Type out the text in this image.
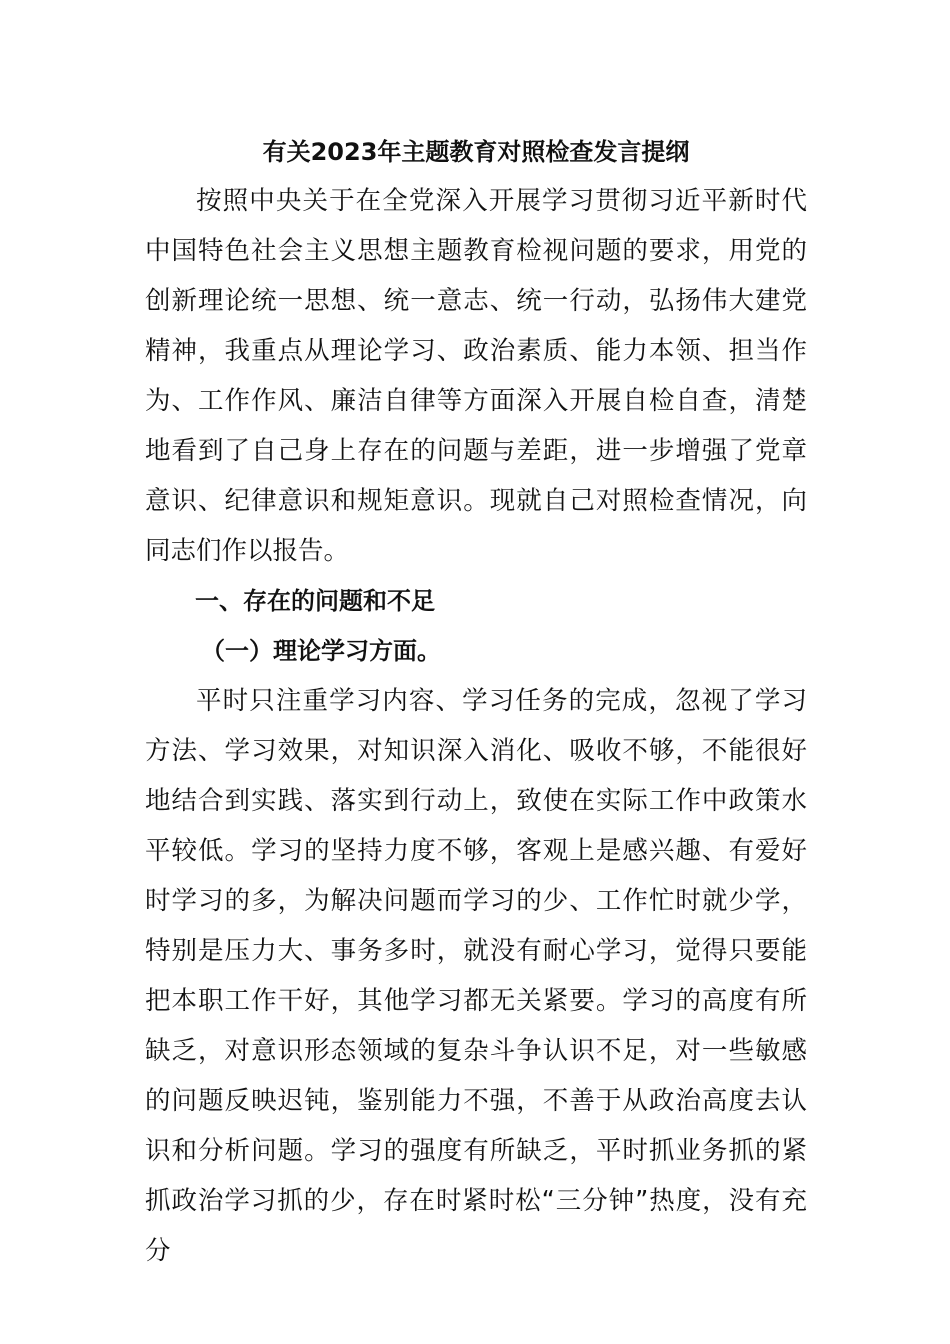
有关2023年主题教育对照检查发言提纲

按照中央关于在全党深入开展学习贯彻习近平新时代中国特色社会主义思想主题教育检视问题的要求，用党的创新理论统一思想、统一意志、统一行动，弘扬伟大建党精神，我重点从理论学习、政治素质、能力本领、担当作为、工作作风、廉洁自律等方面深入开展自检自查，清楚地看到了自己身上存在的问题与差距，进一步增强了党章意识、纪律意识和规矩意识。现就自己对照检查情况，向同志们作以报告。

一、存在的问题和不足

（一）理论学习方面。

平时只注重学习内容、学习任务的完成，忽视了学习方法、学习效果，对知识深入消化、吸收不够，不能很好地结合到实践、落实到行动上，致使在实际工作中政策水平较低。学习的坚持力度不够，客观上是感兴趣、有爱好时学习的多，为解决问题而学习的少、工作忙时就少学，特别是压力大、事务多时，就没有耐心学习，觉得只要能把本职工作干好，其他学习都无关紧要。学习的高度有所缺乏，对意识形态领域的复杂斗争认识不足，对一些敏感的问题反映迟钝，鉴别能力不强，不善于从政治高度去认识和分析问题。学习的强度有所缺乏，平时抓业务抓的紧抓政治学习抓的少，存在时紧时松“三分钟”热度，没有充分
